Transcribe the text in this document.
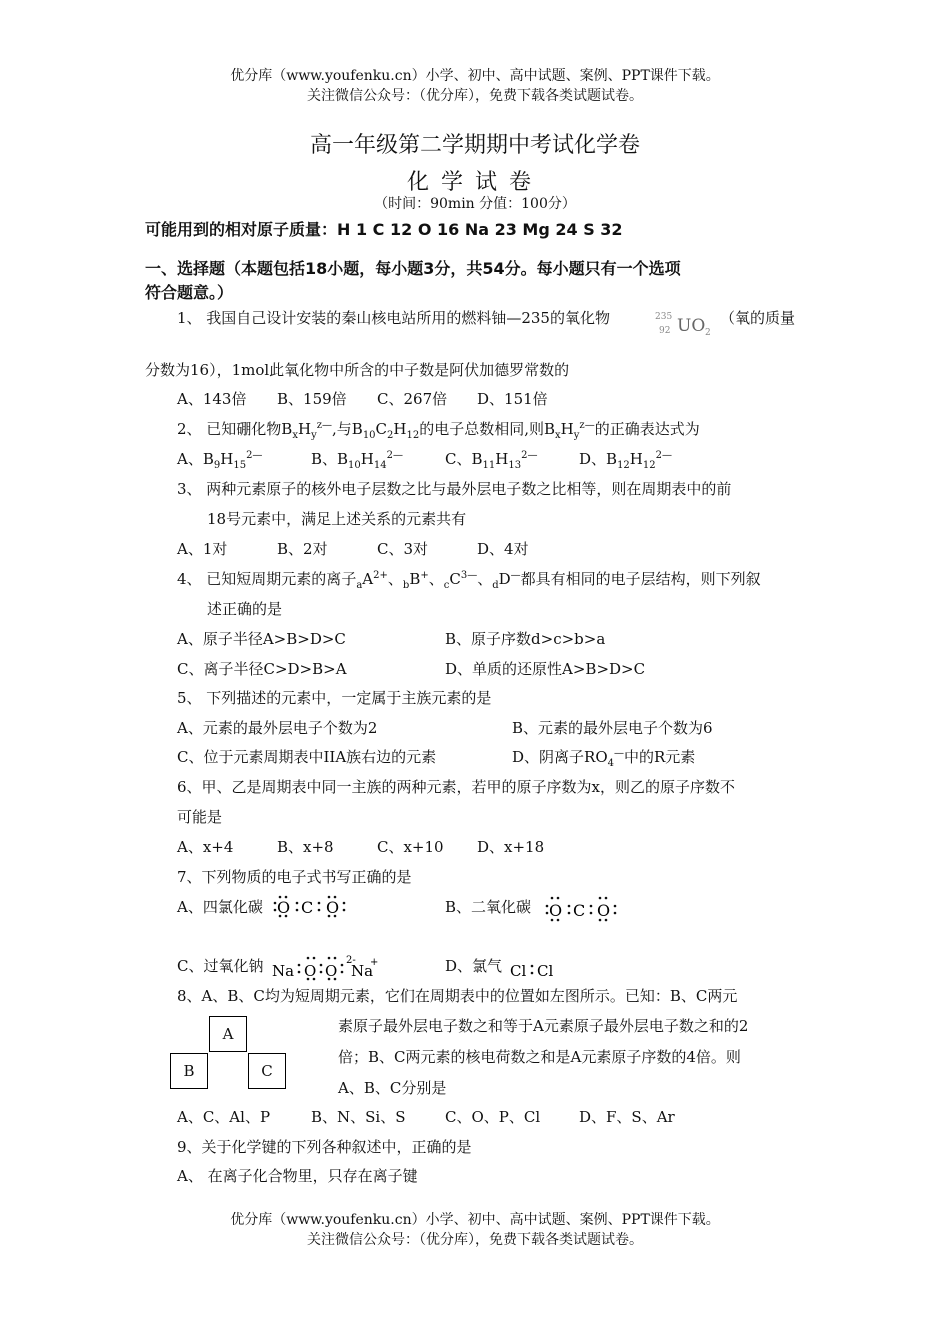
优分库（www.youfenku.cn）小学、初中、高中试题、案例、PPT课件下载。
关注微信公众号：（优分库），免费下载各类试题试卷。
高一年级第二学期期中考试化学卷
化学试卷
（时间：90min 分值：100分）
可能用到的相对原子质量：H 1 C 12 O 16 Na 23 Mg 24 S 32
一、选择题（本题包括18小题，每小题3分，共54分。每小题只有一个选项
符合题意。）
1、 我国自己设计安装的秦山核电站所用的燃料铀—235的氧化物	235
92 UO 2
（氧的质量
分数为16），1mol此氧化物中所含的中子数是阿伏加德罗常数的
A、143倍 B、159倍 C、267倍 D、151倍
2、 已知硼化物$B_xH_y^{z—}$,与$B_{10}C_2H_{12}$的电子总数相同,则$B_xH_y^{z—}$的正确表达式为
A、$B_9H_{15}^{2—}$	B、$B_{10}H_{14}^{2—}$	C、$B_{11}H_{13}^{2—}$	D、$B_{12}H_{12}^{2—}$
3、 两种元素原子的核外电子层数之比与最外层电子数之比相等，则在周期表中的前
18号元素中，满足上述关系的元素共有
A、1对	B、2对	C、3对	D、4对
4、 已知短周期元素的离子$_aA^{2+}$、$_b$B+、$_cC^{3—}$、$_d$D—都具有相同的电子层结构，则下列叙
述正确的是
A、原子半径A>B>D>C	B、原子序数d>c>b>a
C、离子半径C>D>B>A	D、单质的还原性A>B>D>C
5、 下列描述的元素中，一定属于主族元素的是
A、元素的最外层电子个数为2	B、元素的最外层电子个数为6
C、位于元素周期表中IIA族右边的元素	D、阴离子$RO_4^—$中的R元素
6、甲、乙是周期表中同一主族的两种元素，若甲的原子序数为x，则乙的原子序数不
可能是
A、x+4	B、x+8	C、x+10 D、x+18
7、下列物质的电子式书写正确的是
A、四氯化碳 O C O	B、二氧化碳 O C O
C、过氧化钠 Na O O
2-
Na
+	D、氯气 Cl Cl
8、A、B、C均为短周期元素，它们在周期表中的位置如左图所示。已知：B、C两元
素原子最外层电子数之和等于A元素原子最外层电子数之和的2
倍；B、C两元素的核电荷数之和是A元素原子序数的4倍。则
A、B、C分别是
A
B	C
A、C、Al、P	B、N、Si、S	C、O、P、Cl	D、F、S、Ar
9、关于化学键的下列各种叙述中，正确的是
A、 在离子化合物里，只存在离子键
优分库（www.youfenku.cn）小学、初中、高中试题、案例、PPT课件下载。
关注微信公众号：（优分库），免费下载各类试题试卷。
